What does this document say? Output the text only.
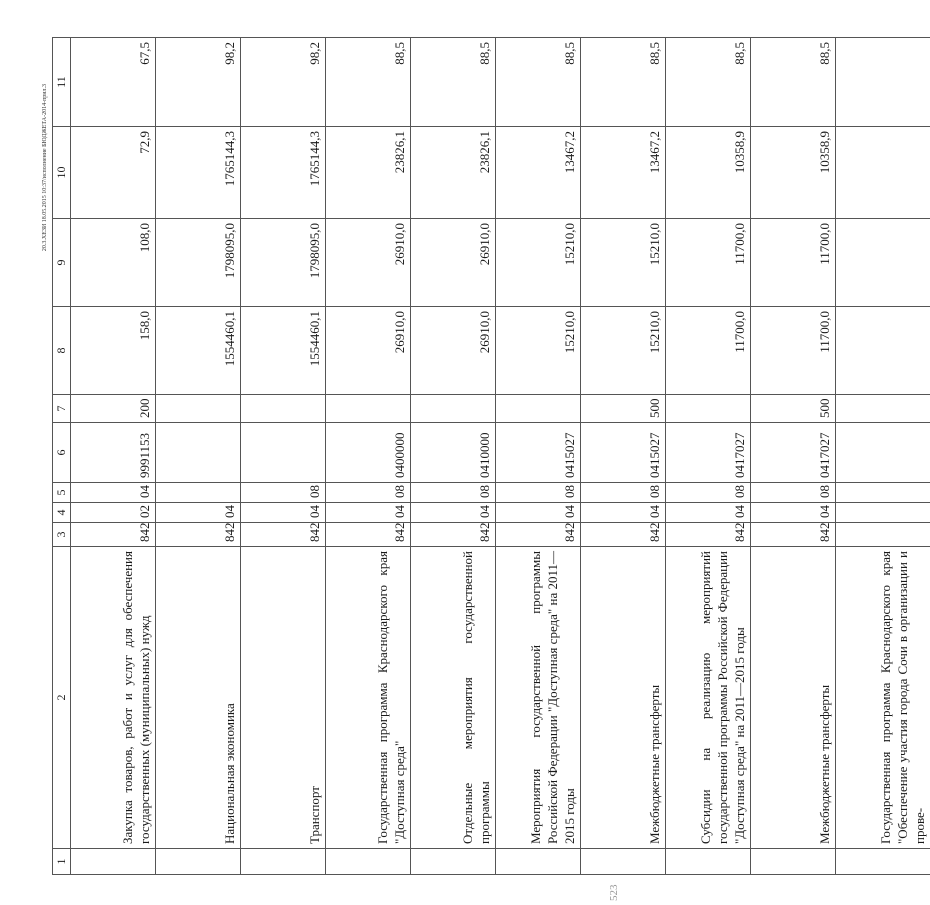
20.3.ХЕЗИ 18.05.2015 10:37/исполнение БЮДЖЕТА-2014-прил.3
1	2	3	4	5	6	7	8	9	10	11
	Закупка товаров, работ и услуг для обеспечения государственных (муниципальных) нужд	842	02	04	9991153	200	158,0	108,0	72,9	67,5
	Национальная экономика	842	04				1554460,1	1798095,0	1765144,3	98,2
	Транспорт	842	04	08			1554460,1	1798095,0	1765144,3	98,2
	Государственная программа Краснодарского края "Доступная среда"	842	04	08	0400000		26910,0	26910,0	23826,1	88,5
	Отдельные мероприятия государственной программы	842	04	08	0410000		26910,0	26910,0	23826,1	88,5
	Мероприятия государственной программы Российской Федерации "Доступная среда" на 2011—2015 годы	842	04	08	0415027		15210,0	15210,0	13467,2	88,5
	Межбюджетные трансферты	842	04	08	0415027	500	15210,0	15210,0	13467,2	88,5
	Субсидии на реализацию мероприятий государственной программы Российской Федерации "Доступная среда" на 2011—2015 годы	842	04	08	0417027		11700,0	11700,0	10358,9	88,5
	Межбюджетные трансферты	842	04	08	0417027	500	11700,0	11700,0	10358,9	88,5
	Государственная программа Краснодарского края "Обеспечение участия города Сочи в организации и прове-									
523
